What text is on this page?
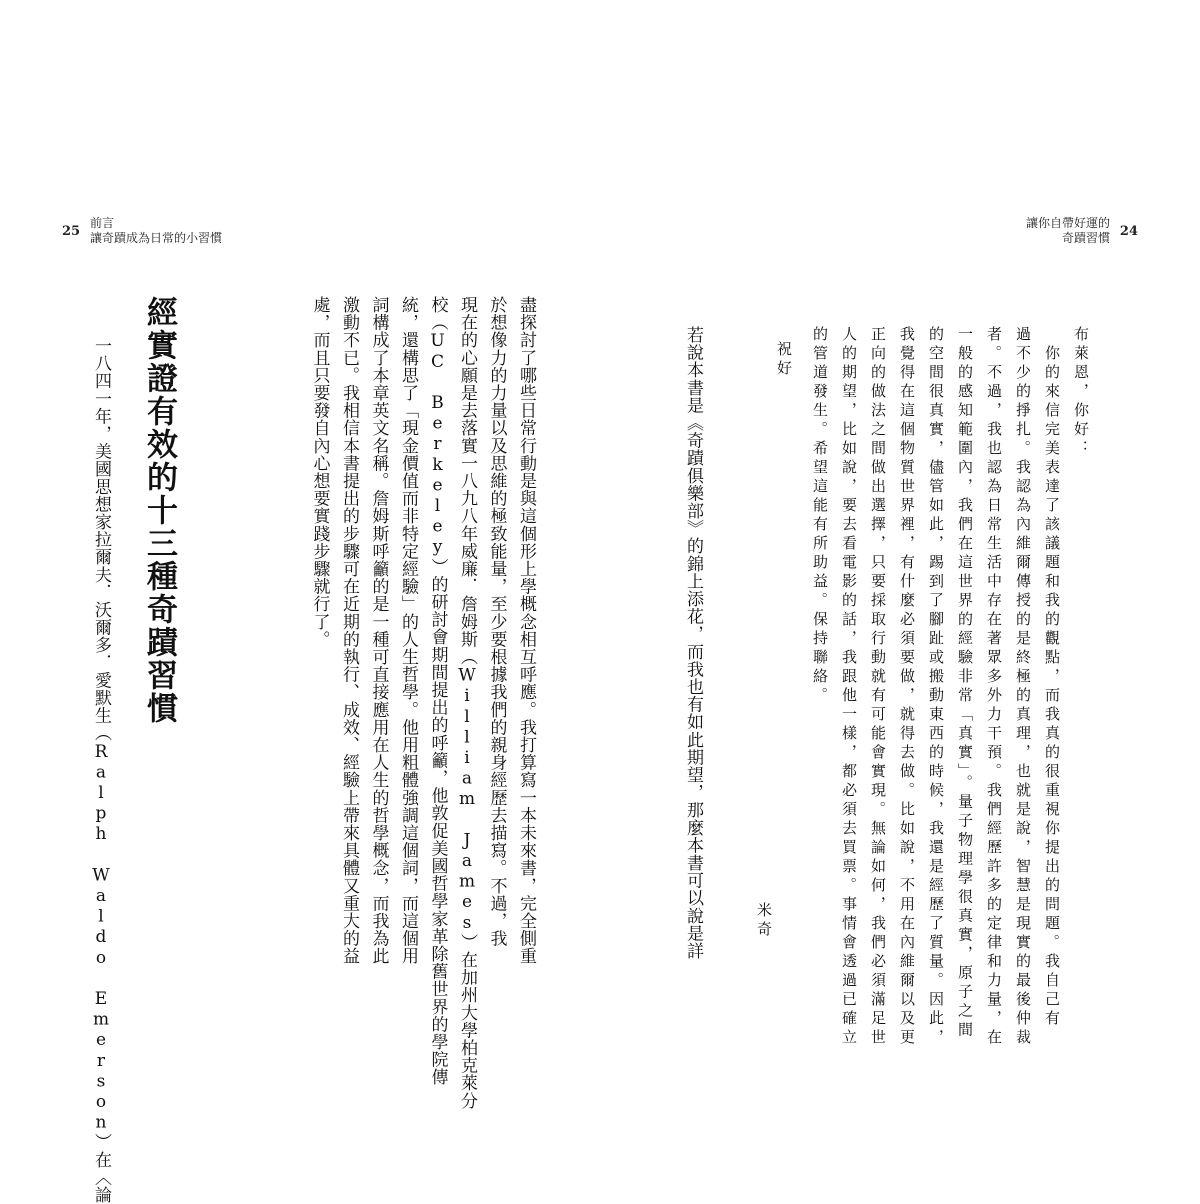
25
前言
讓奇蹟成為日常的小習慣
盡探討了哪些日常行動是與這個形上學概念相互呼應。我打算寫一本未來書，完全側重
於想像力的力量以及思維的極致能量，至少要根據我們的親身經歷去描寫。不過，我
現在的心願是去落實一八九八年威廉．詹姆斯（William James）在加州大學柏克萊分
校（UC Berkeley）的研討會期間提出的呼籲，他敦促美國哲學家革除舊世界的學院傳
統，還構思了「現金價值而非特定經驗」的人生哲學。他用粗體強調這個詞，而這個用
詞構成了本章英文名稱。詹姆斯呼籲的是一種可直接應用在人生的哲學概念，而我為此
激動不已。我相信本書提出的步驟可在近期的執行、成效、經驗上帶來具體又重大的益
處，而且只要發自內心想要實踐步驟就行了。
經實證有效的十三種奇蹟習慣
一八四一年，美國思想家拉爾夫．沃爾多．愛默生（Ralph Waldo Emerson）在〈論
24
讓你自帶好運的
奇蹟習慣
布萊恩，你好：
　你的來信完美表達了該議題和我的觀點，而我真的很重視你提出的問題。我自己有
過不少的掙扎。我認為內維爾傳授的是終極的真理，也就是說，智慧是現實的最後仲裁
者。不過，我也認為日常生活中存在著眾多外力干預。我們經歷許多的定律和力量，在
一般的感知範圍內，我們在這世界的經驗非常「真實」。量子物理學很真實，原子之間
的空間很真實，儘管如此，踢到了腳趾或搬動東西的時候，我還是經歷了質量。因此，
我覺得在這個物質世界裡，有什麼必須要做，就得去做。比如說，不用在內維爾以及更
正向的做法之間做出選擇，只要採取行動就有可能會實現。無論如何，我們必須滿足世
人的期望，比如說，要去看電影的話，我跟他一樣，都必須去買票。事情會透過已確立
的管道發生。希望這能有所助益。保持聯絡。
祝好
米奇
若說本書是《奇蹟俱樂部》的錦上添花，而我也有如此期望，那麼本書可以說是詳
